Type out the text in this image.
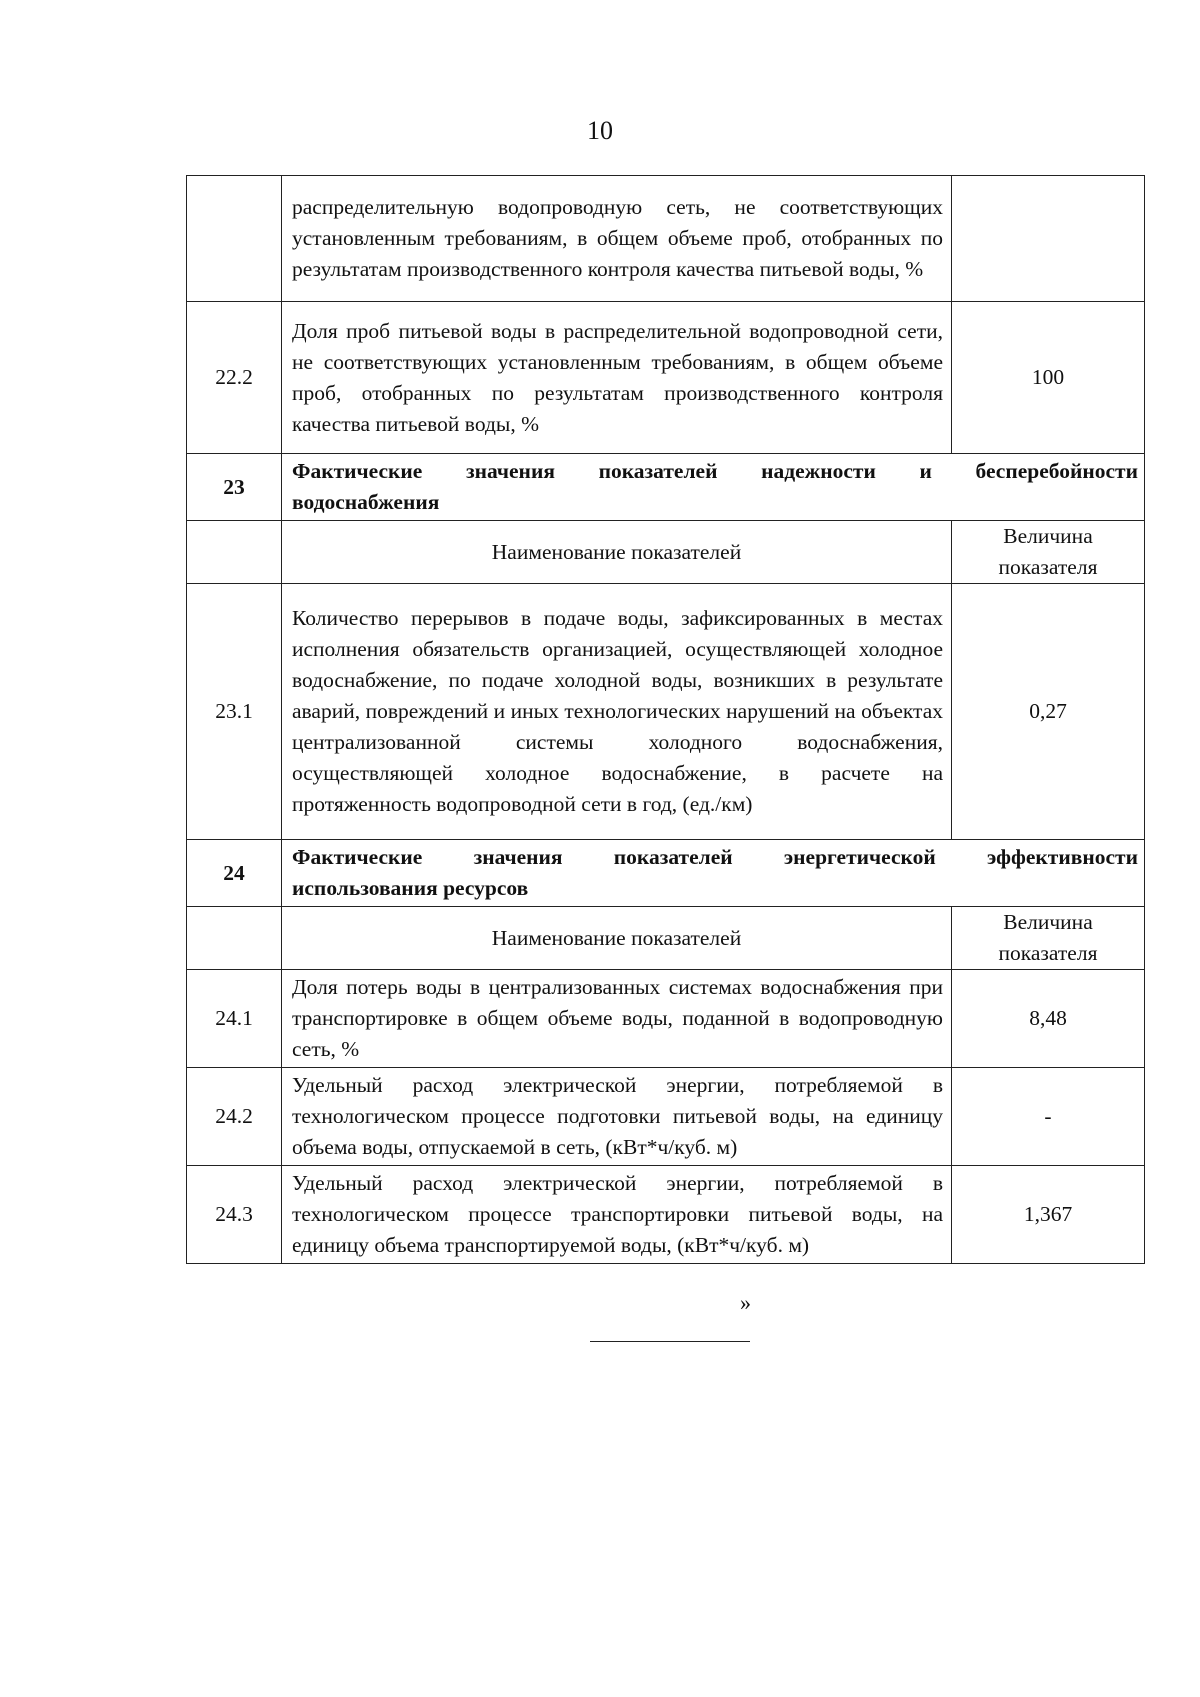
10
	распределительную водопроводную сеть, не соответствующих установленным требованиям, в общем объеме проб, отобранных по результатам производственного контроля качества питьевой воды, %	
22.2	Доля проб питьевой воды в распределительной водопроводной сети, не соответствующих установленным требованиям, в общем объеме проб, отобранных по результатам производственного контроля качества питьевой воды, %	100
23	Фактические значения показателей надежности и бесперебойности
водоснабжения	
	Наименование показателей	Величина показателя
23.1	Количество перерывов в подаче воды, зафиксированных в местах исполнения обязательств организацией, осуществляющей холодное водоснабжение, по подаче холодной воды, возникших в результате аварий, повреждений и иных технологических нарушений на объектах централизованной системы холодного водоснабжения, осуществляющей холодное водоснабжение, в расчете на протяженность водопроводной сети в год, (ед./км)	0,27
24	Фактические значения показателей энергетической эффективности
использования ресурсов	
	Наименование показателей	Величина показателя
24.1	Доля потерь воды в централизованных системах водоснабжения при транспортировке в общем объеме воды, поданной в водопроводную сеть, %	8,48
24.2	Удельный расход электрической энергии, потребляемой в технологическом процессе подготовки питьевой воды, на единицу объема воды, отпускаемой в сеть, (кВт*ч/куб. м)	-
24.3	Удельный расход электрической энергии, потребляемой в технологическом процессе транспортировки питьевой воды, на единицу объема транспортируемой воды, (кВт*ч/куб. м)	1,367
»
